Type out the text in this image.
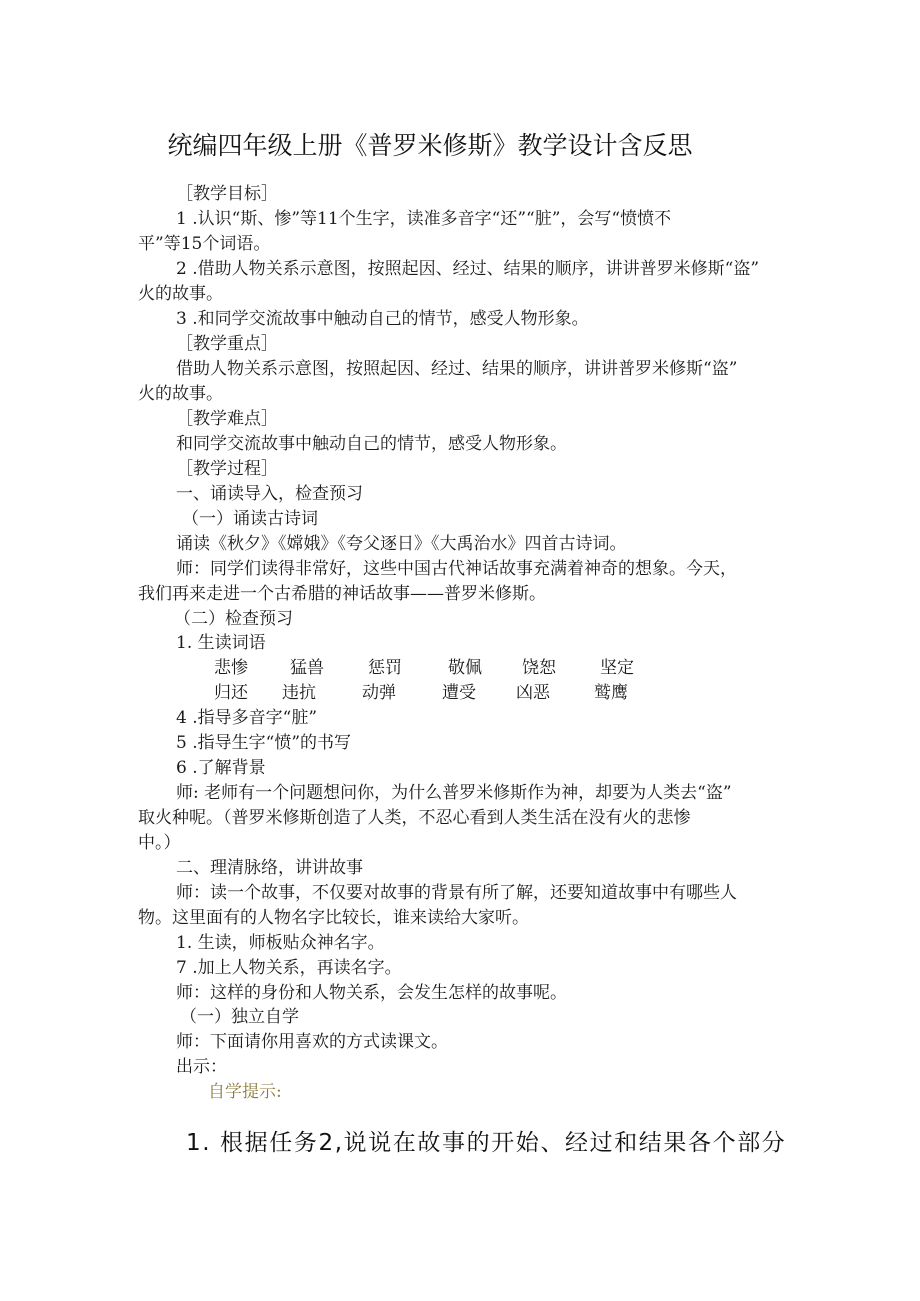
统编四年级上册《普罗米修斯》教学设计含反思
［教学目标］
1 .认识“斯、惨”等11个生字，读准多音字“还”“脏”，会写“愤愤不
平”等15个词语。
2 .借助人物关系示意图，按照起因、经过、结果的顺序，讲讲普罗米修斯“盗”
火的故事。
3 .和同学交流故事中触动自己的情节，感受人物形象。
［教学重点］
借助人物关系示意图，按照起因、经过、结果的顺序，讲讲普罗米修斯“盗”
火的故事。
［教学难点］
和同学交流故事中触动自己的情节，感受人物形象。
［教学过程］
一、诵读导入，检查预习
（一）诵读古诗词
诵读《秋夕》《嫦娥》《夸父逐日》《大禹治水》四首古诗词。
师：同学们读得非常好，这些中国古代神话故事充满着神奇的想象。今天，
我们再来走进一个古希腊的神话故事——普罗米修斯。
（二）检查预习
1. 生读词语
悲惨 猛兽	惩罚	敬佩 饶恕	坚定
归还 违抗	动弹	遭受 凶恶	鹫鹰
4 .指导多音字“脏”
5 .指导生字“愤”的书写
6 .了解背景
师: 老师有一个问题想问你，为什么普罗米修斯作为神，却要为人类去“盗”
取火种呢。（普罗米修斯创造了人类，不忍心看到人类生活在没有火的悲惨
中。）
二、理清脉络，讲讲故事
师：读一个故事，不仅要对故事的背景有所了解，还要知道故事中有哪些人
物。这里面有的人物名字比较长，谁来读给大家听。
1. 生读，师板贴众神名字。
7 .加上人物关系，再读名字。
师：这样的身份和人物关系，会发生怎样的故事呢。
（一）独立自学
师：下面请你用喜欢的方式读课文。
出示：
自学提示:
1. 根据任务2,说说在故事的开始、经过和结果各个部分
